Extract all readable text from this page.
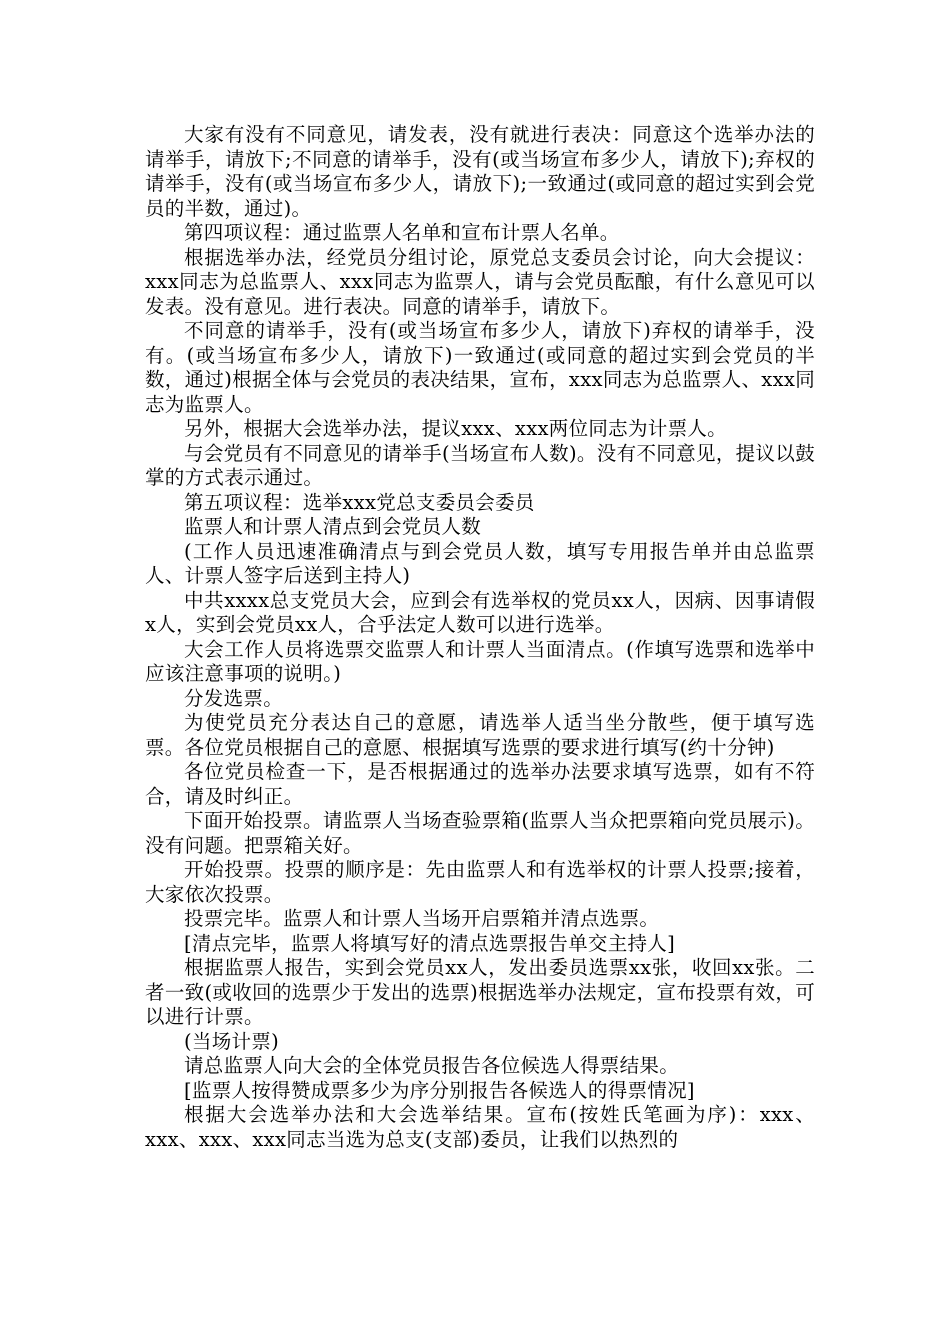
大家有没有不同意见，请发表，没有就进行表决：同意这个选举办法的请举手，请放下;不同意的请举手，没有(或当场宣布多少人，请放下);弃权的请举手，没有(或当场宣布多少人，请放下);一致通过(或同意的超过实到会党员的半数，通过)。

第四项议程：通过监票人名单和宣布计票人名单。

根据选举办法，经党员分组讨论，原党总支委员会讨论，向大会提议：xxx同志为总监票人、xxx同志为监票人，请与会党员酝酿，有什么意见可以发表。没有意见。进行表决。同意的请举手，请放下。

不同意的请举手，没有(或当场宣布多少人，请放下)弃权的请举手，没有。(或当场宣布多少人，请放下)一致通过(或同意的超过实到会党员的半数，通过)根据全体与会党员的表决结果，宣布，xxx同志为总监票人、xxx同志为监票人。

另外，根据大会选举办法，提议xxx、xxx两位同志为计票人。

与会党员有不同意见的请举手(当场宣布人数)。没有不同意见，提议以鼓掌的方式表示通过。

第五项议程：选举xxx党总支委员会委员

监票人和计票人清点到会党员人数

(工作人员迅速准确清点与到会党员人数，填写专用报告单并由总监票人、计票人签字后送到主持人)

中共xxxx总支党员大会，应到会有选举权的党员xx人，因病、因事请假x人，实到会党员xx人，合乎法定人数可以进行选举。

大会工作人员将选票交监票人和计票人当面清点。(作填写选票和选举中应该注意事项的说明。)

分发选票。

为使党员充分表达自己的意愿，请选举人适当坐分散些，便于填写选票。各位党员根据自己的意愿、根据填写选票的要求进行填写(约十分钟)

各位党员检查一下，是否根据通过的选举办法要求填写选票，如有不符合，请及时纠正。

下面开始投票。请监票人当场查验票箱(监票人当众把票箱向党员展示)。没有问题。把票箱关好。

开始投票。投票的顺序是：先由监票人和有选举权的计票人投票;接着，大家依次投票。

投票完毕。监票人和计票人当场开启票箱并清点选票。

[清点完毕，监票人将填写好的清点选票报告单交主持人]

根据监票人报告，实到会党员xx人，发出委员选票xx张，收回xx张。二者一致(或收回的选票少于发出的选票)根据选举办法规定，宣布投票有效，可以进行计票。

(当场计票)

请总监票人向大会的全体党员报告各位候选人得票结果。

[监票人按得赞成票多少为序分别报告各候选人的得票情况]

根据大会选举办法和大会选举结果。宣布(按姓氏笔画为序)：xxx、xxx、xxx、xxx同志当选为总支(支部)委员，让我们以热烈的
